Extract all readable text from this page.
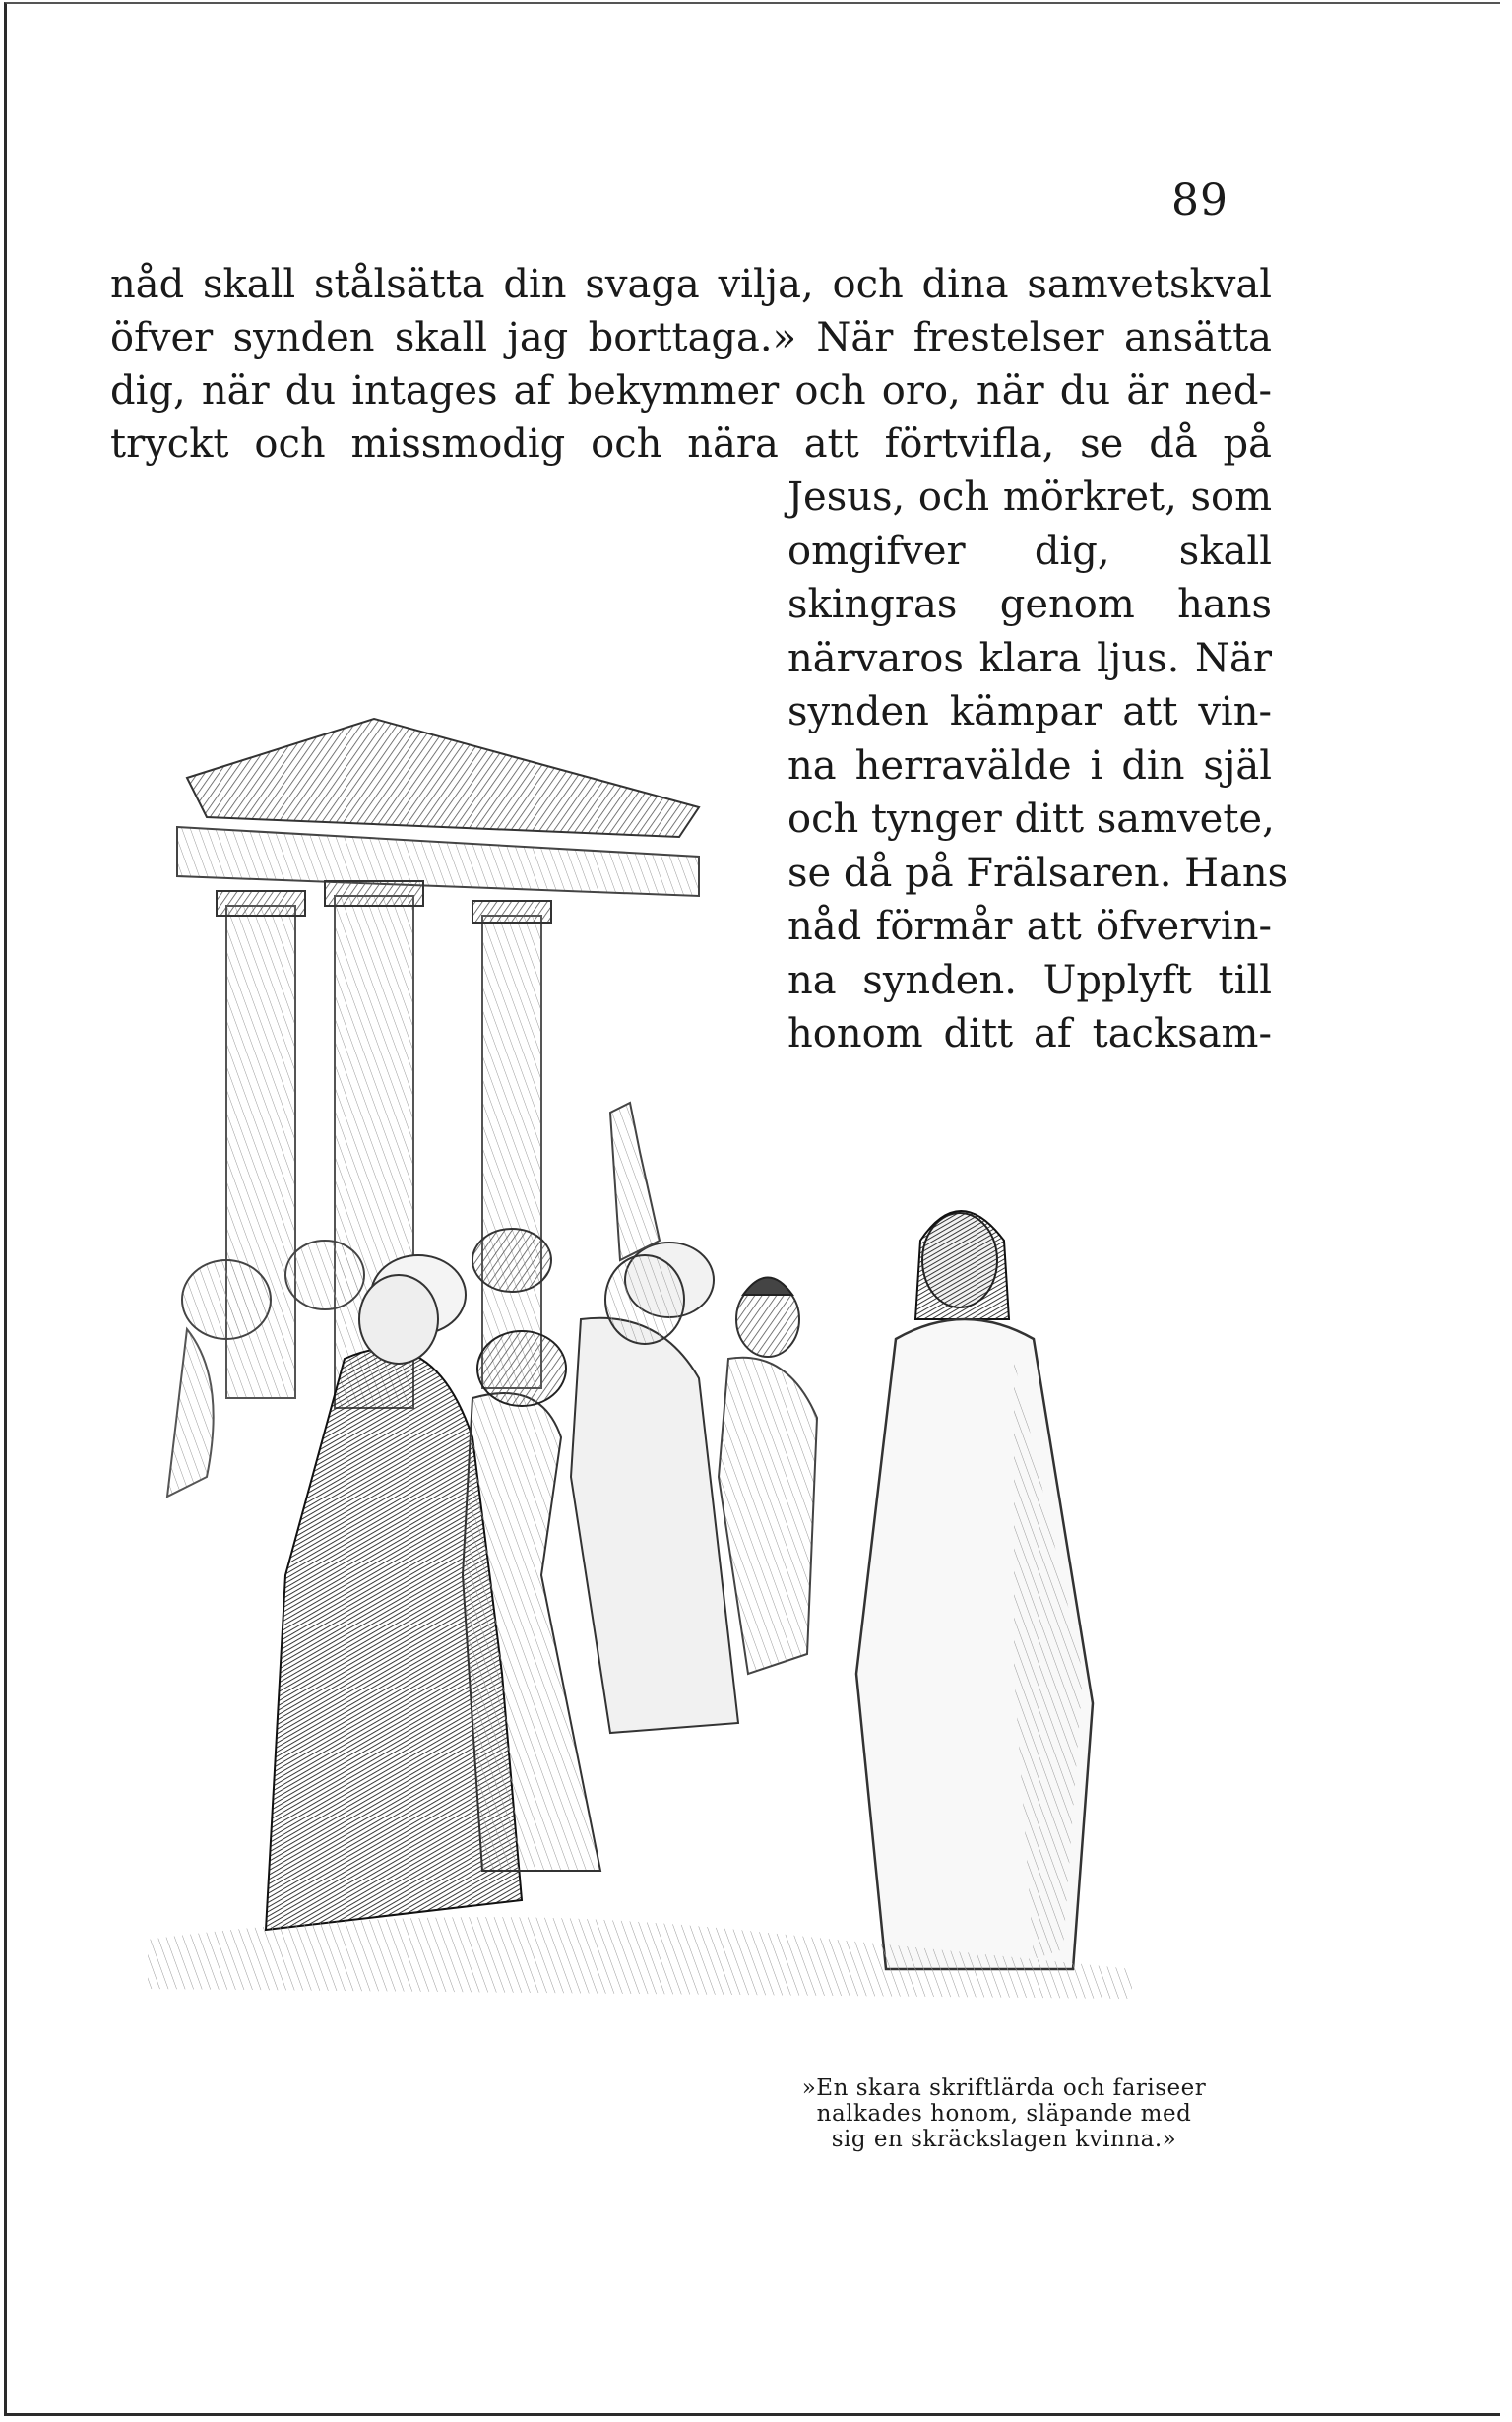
89
nåd skall stålsätta din svaga vilja, och dina samvetskval
öfver synden skall jag borttaga.» När frestelser ansätta
dig, när du intages af bekymmer och oro, när du är ned-
tryckt och missmodig och nära att förtvifla, se då på
Jesus, och mörkret, som
omgifver dig, skall
skingras genom hans
närvaros klara ljus. När
synden kämpar att vin-
na herravälde i din själ
och tynger ditt samvete,
se då på Frälsaren. Hans
nåd förmår att öfvervin-
na synden. Upplyft till
honom ditt af tacksam-
»En skara skriftlärda och fariseer
nalkades honom, släpande med
sig en skräckslagen kvinna.»
